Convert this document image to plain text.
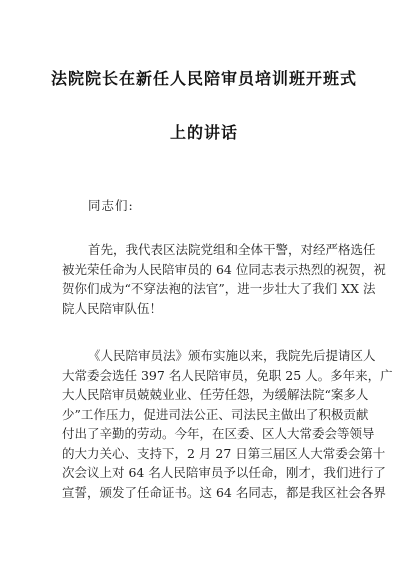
法院院长在新任人民陪审员培训班开班式
上的讲话
同志们:
首先，我代表区法院党组和全体干警，对经严格选任
被光荣任命为人民陪审员的 64 位同志表示热烈的祝贺，祝
贺你们成为“不穿法袍的法官”，进一步壮大了我们 XX 法
院人民陪审队伍！
《人民陪审员法》颁布实施以来，我院先后提请区人
大常委会选任 397 名人民陪审员，免职 25 人。多年来，广
大人民陪审员兢兢业业、任劳任怨，为缓解法院“案多人
少”工作压力，促进司法公正、司法民主做出了积极贡献
付出了辛勤的劳动。今年，在区委、区人大常委会等领导
的大力关心、支持下，2 月 27 日第三届区人大常委会第十
次会议上对 64 名人民陪审员予以任命，刚才，我们进行了
宣誓，颁发了任命证书。这 64 名同志，都是我区社会各界
